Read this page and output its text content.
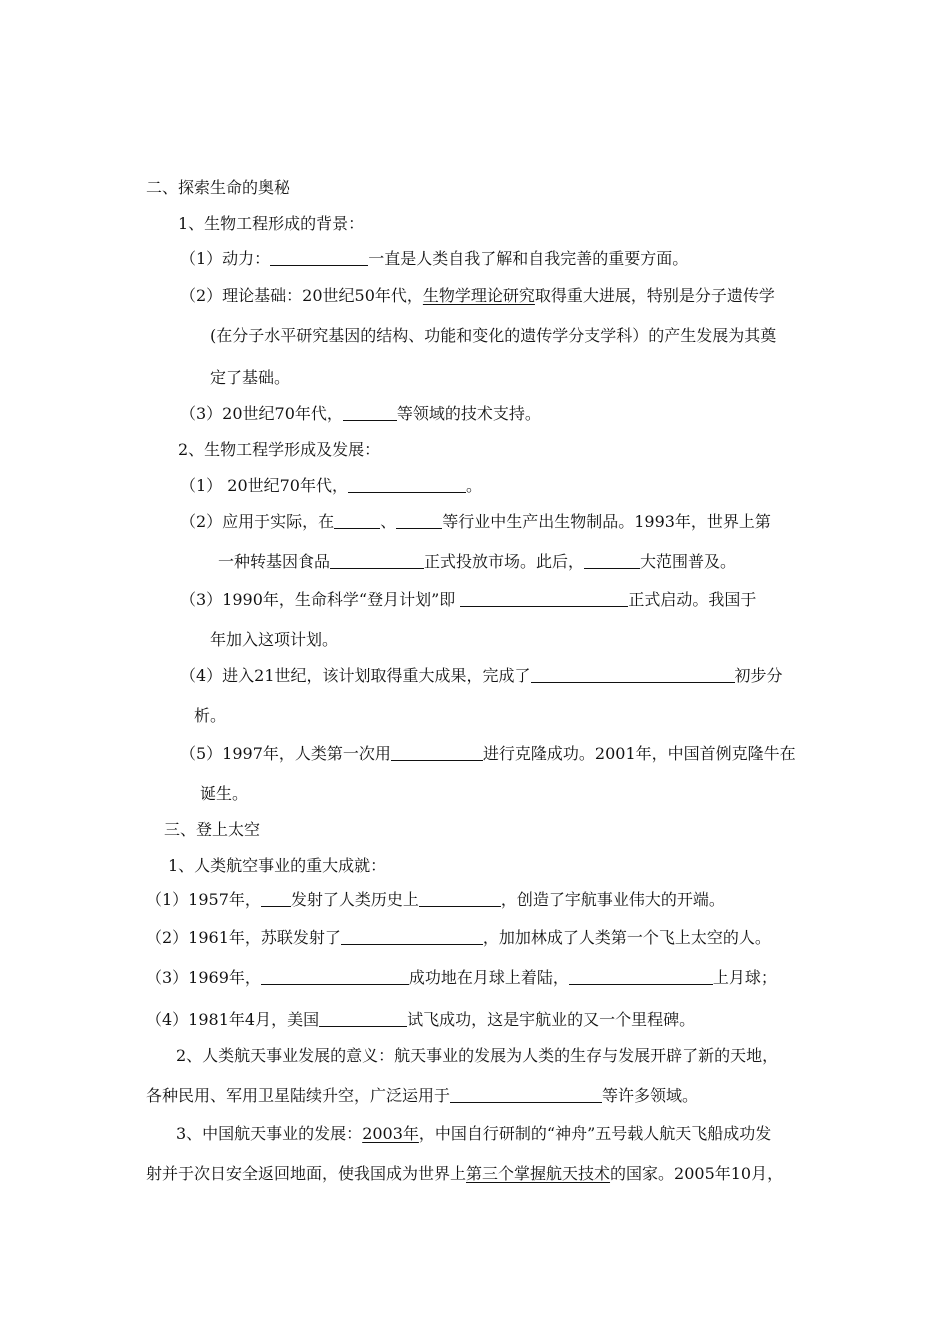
二、探索生命的奥秘
1、生物工程形成的背景：
（1）动力：	一直是人类自我了解和自我完善的重要方面。
（2）理论基础：20世纪50年代，生物学理论研究取得重大进展，特别是分子遗传学
(在分子水平研究基因的结构、功能和变化的遗传学分支学科）的产生发展为其奠
定了基础。
（3）20世纪70年代，	等领域的技术支持。
2、生物工程学形成及发展：
（1） 20世纪70年代，	。
（2）应用于实际，在	、	等行业中生产出生物制品。1993年，世界上第
一种转基因食品	正式投放市场。此后，	大范围普及。
（3）1990年，生命科学“登月计划”即	正式启动。我国于
年加入这项计划。
（4）进入21世纪，该计划取得重大成果，完成了	初步分
析。
（5）1997年，人类第一次用	进行克隆成功。2001年，中国首例克隆牛在
诞生。
三、登上太空
1、人类航空事业的重大成就：
（1）1957年， 发射了人类历史上	，创造了宇航事业伟大的开端。
（2）1961年，苏联发射了	，加加林成了人类第一个飞上太空的人。
（3）1969年，	成功地在月球上着陆，	上月球；
（4）1981年4月，美国	试飞成功，这是宇航业的又一个里程碑。
2、人类航天事业发展的意义：航天事业的发展为人类的生存与发展开辟了新的天地，
各种民用、军用卫星陆续升空，广泛运用于	等许多领域。
3、中国航天事业的发展：2003年，中国自行研制的“神舟”五号载人航天飞船成功发
射并于次日安全返回地面，使我国成为世界上第三个掌握航天技术的国家。2005年10月，
